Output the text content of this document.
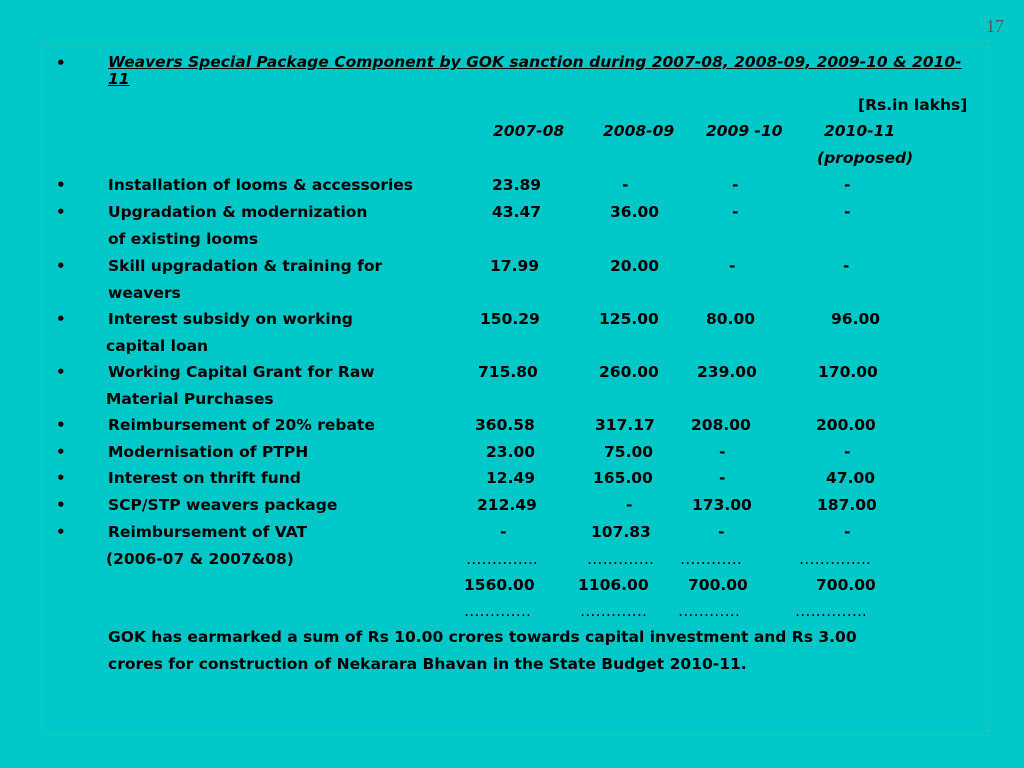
17
•	Weavers Special Package Component by GOK sanction during 2007-08, 2008-09, 2009-10 & 2010-11
[Rs.in lakhs]
2007-08	2008-09 2009 -10	2010-11
(proposed)
•	Installation of looms & accessories	23.89	-	-	-
•	Upgradation & modernization
of existing looms
43.47	36.00	-	-
•	Skill upgradation & training for
weavers
17.99	20.00	-	-
•	Interest subsidy on working
capital loan
150.29	125.00	80.00	96.00
•	Working Capital Grant for Raw
Material Purchases
715.80	260.00 239.00	170.00
•	Reimbursement of 20% rebate	360.58	317.17 208.00	200.00
•	Modernisation of PTPH	23.00	75.00	-	-
•	Interest on thrift fund	12.49	165.00	-	47.00
•	SCP/STP weavers package	212.49	-	173.00	187.00
•	Reimbursement of VAT	-	107.83	-	-
(2006-07 & 2007&08)	…………..	…………. …………	…………..
1560.00	1106.00	700.00	700.00
………….	…………. …………	…………..
GOK has earmarked a sum of Rs 10.00 crores towards capital investment and Rs 3.00
crores for construction of Nekarara Bhavan in the State Budget 2010-11.
